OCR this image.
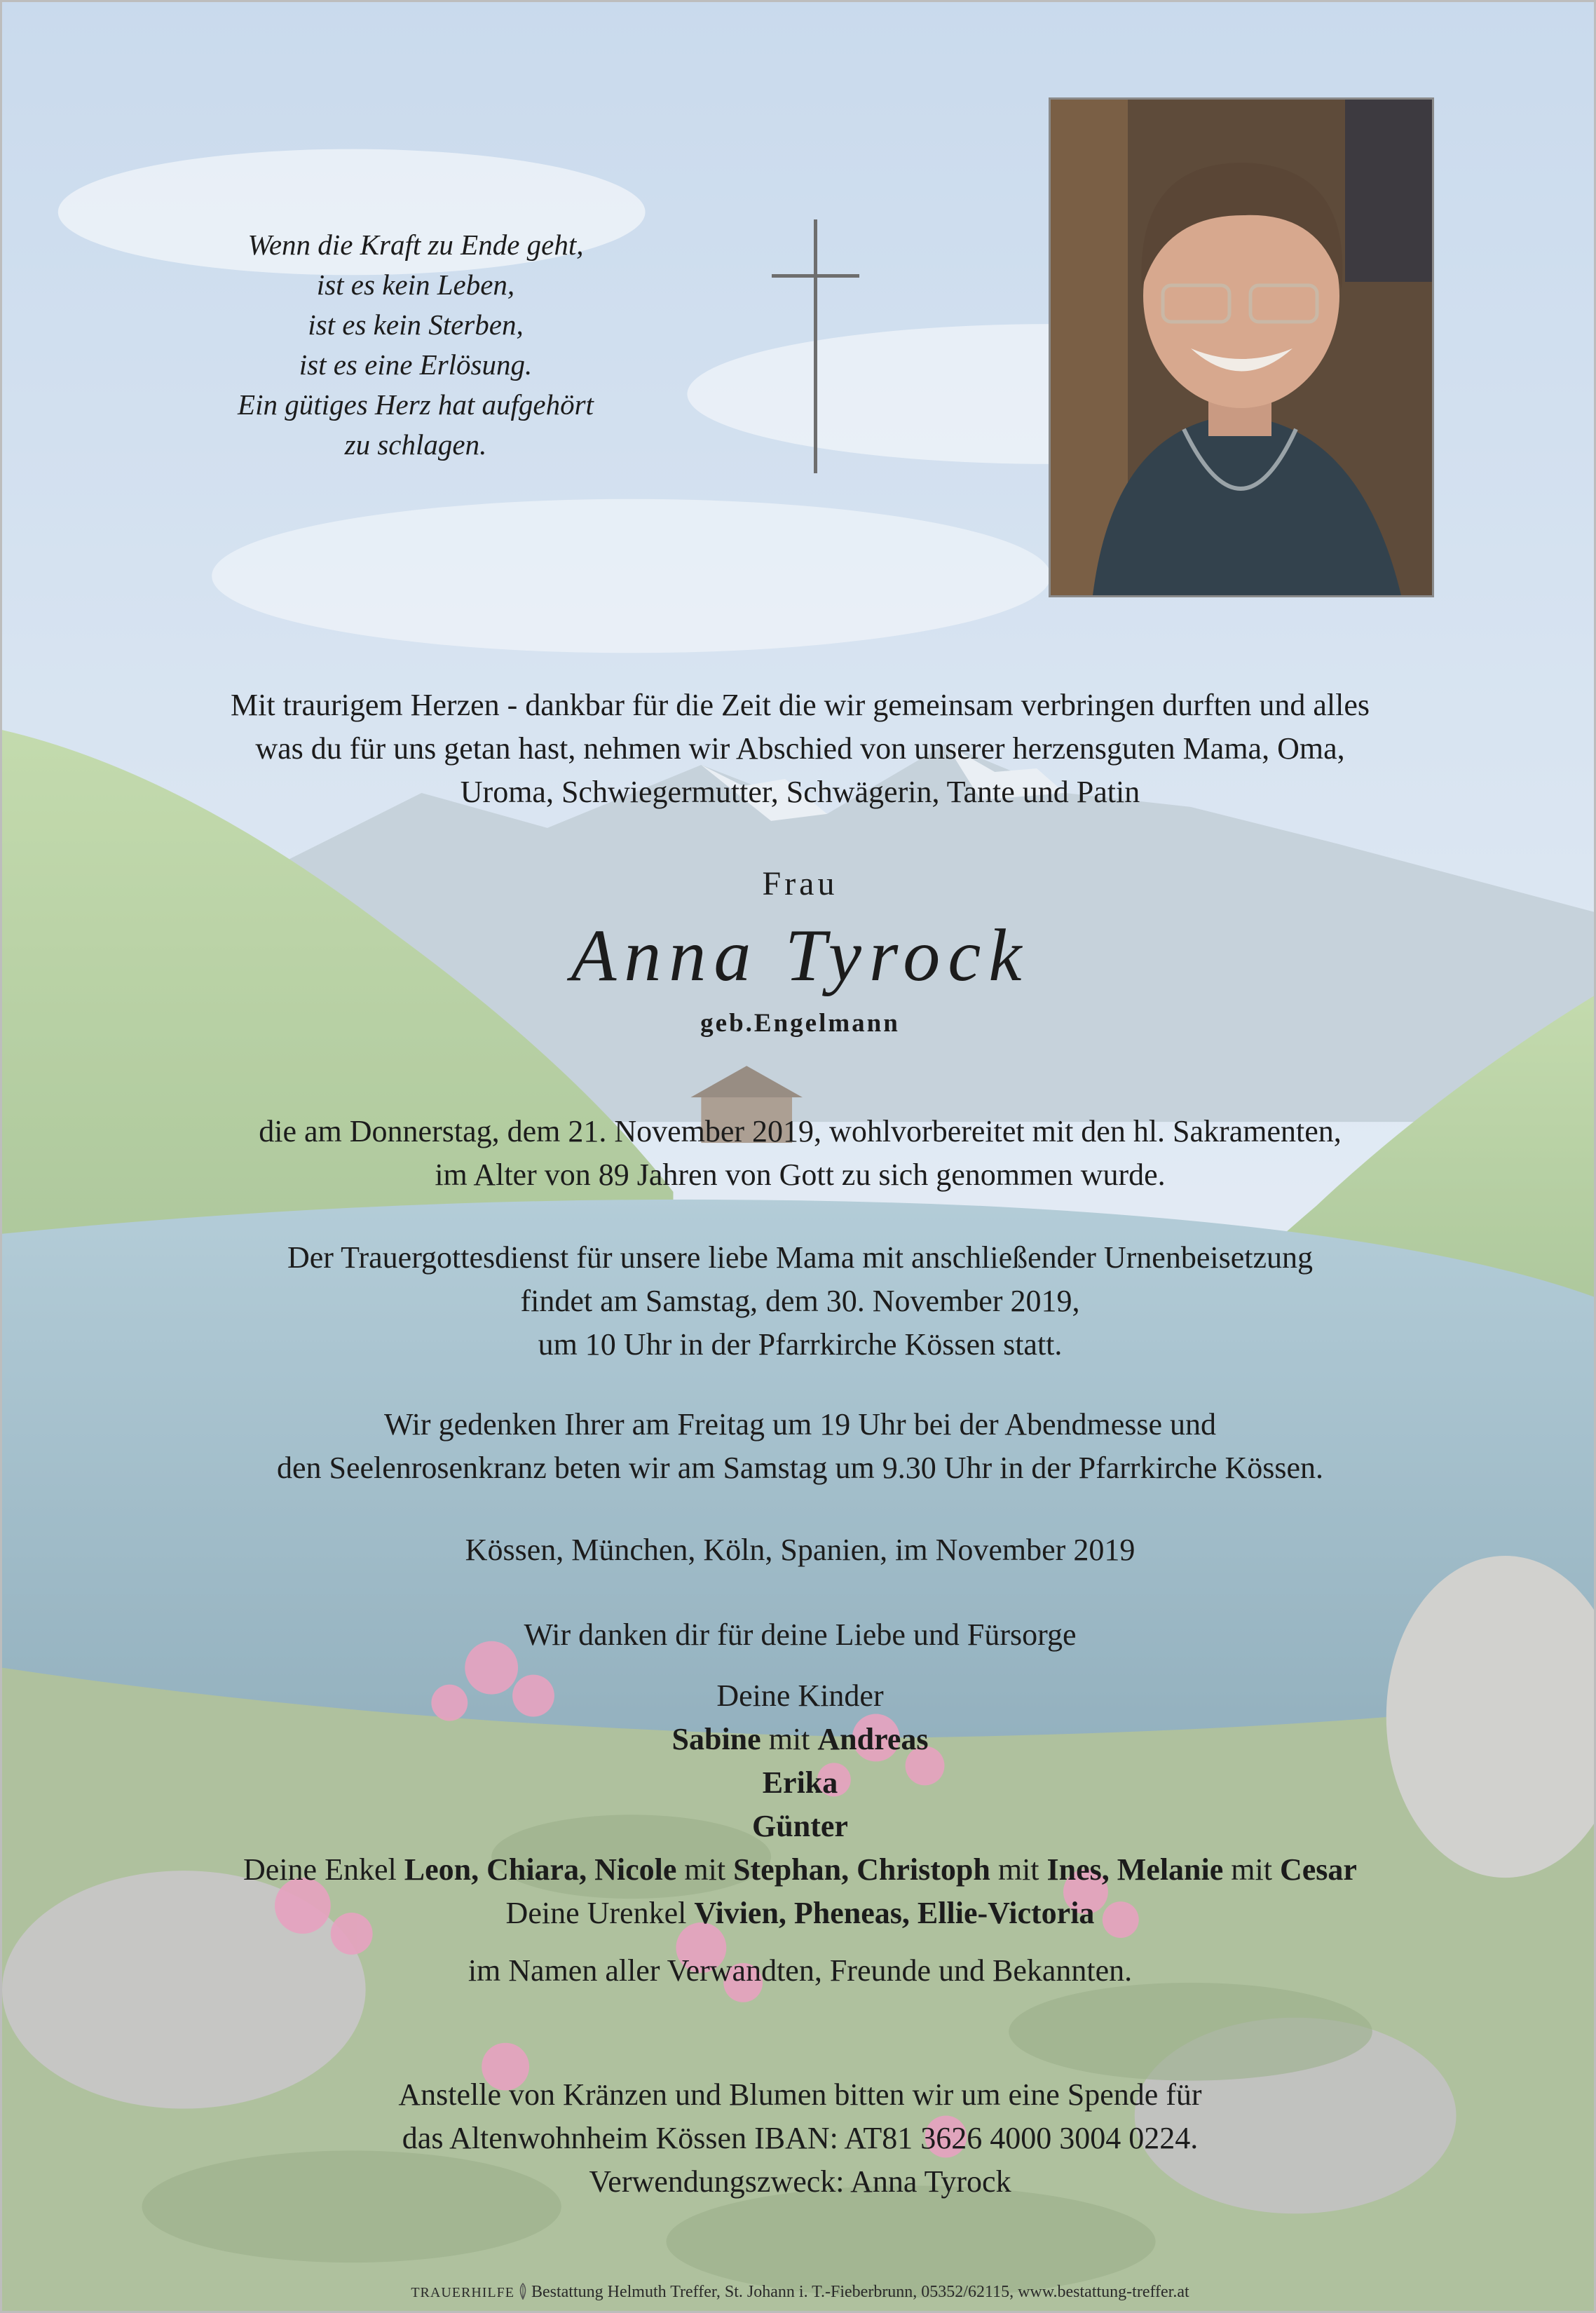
Wenn die Kraft zu Ende geht,
ist es kein Leben,
ist es kein Sterben,
ist es eine Erlösung.
Ein gütiges Herz hat aufgehört
zu schlagen.
Mit traurigem Herzen - dankbar für die Zeit die wir gemeinsam verbringen durften und alles
was du für uns getan hast, nehmen wir Abschied von unserer herzensguten Mama, Oma,
Uroma, Schwiegermutter, Schwägerin, Tante und Patin
Frau
Anna Tyrock
geb.Engelmann
die am Donnerstag, dem 21. November 2019, wohlvorbereitet mit den hl. Sakramenten,
im Alter von 89 Jahren von Gott zu sich genommen wurde.
Der Trauergottesdienst für unsere liebe Mama mit anschließender Urnenbeisetzung
findet am Samstag, dem 30. November 2019,
um 10 Uhr in der Pfarrkirche Kössen statt.
Wir gedenken Ihrer am Freitag um 19 Uhr bei der Abendmesse und
den Seelenrosenkranz beten wir am Samstag um 9.30 Uhr in der Pfarrkirche Kössen.
Kössen, München, Köln, Spanien, im November 2019
Wir danken dir für deine Liebe und Fürsorge
Deine Kinder
Sabine mit Andreas
Erika
Günter
Deine Enkel Leon, Chiara, Nicole mit Stephan, Christoph mit Ines, Melanie mit Cesar
Deine Urenkel Vivien, Pheneas, Ellie-Victoria
im Namen aller Verwandten, Freunde und Bekannten.
Anstelle von Kränzen und Blumen bitten wir um eine Spende für
das Altenwohnheim Kössen IBAN: AT81 3626 4000 3004 0224.
Verwendungszweck: Anna Tyrock
TRAUERHILFE Bestattung Helmuth Treffer, St. Johann i. T.-Fieberbrunn, 05352/62115, www.bestattung-treffer.at
